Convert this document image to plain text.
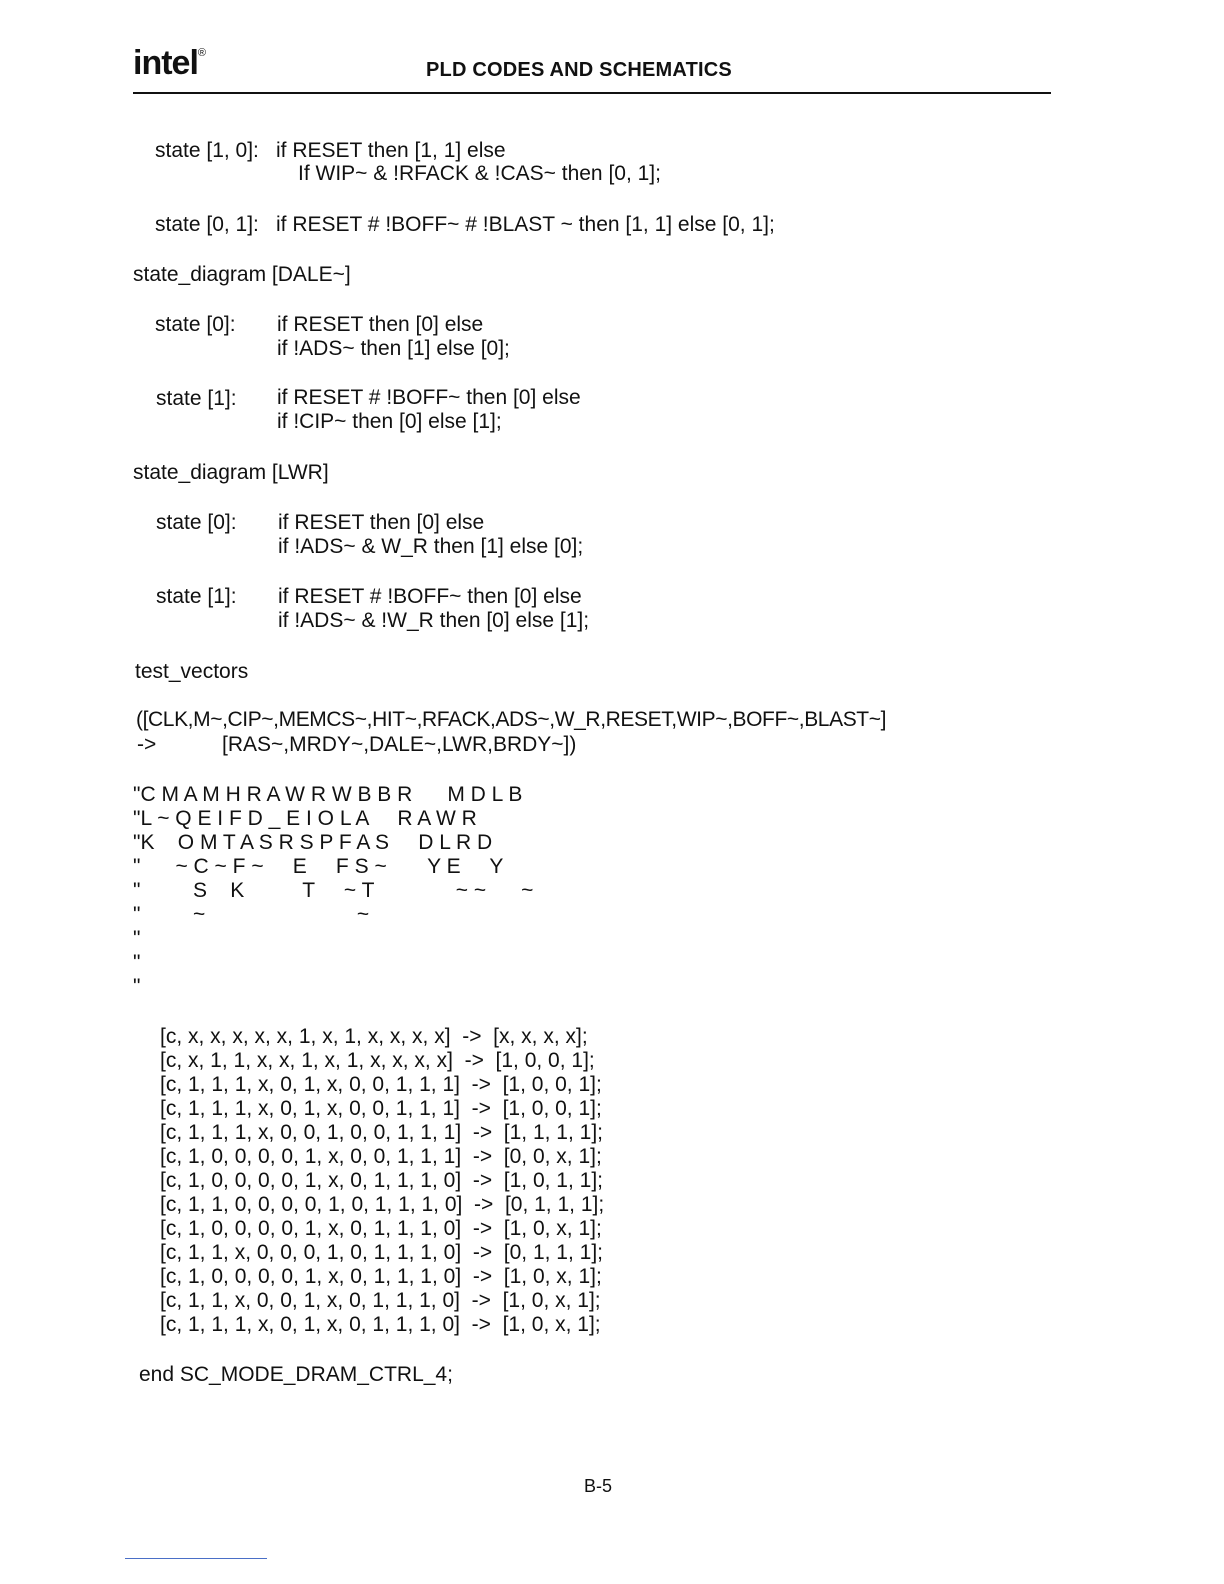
intel®
PLD CODES AND SCHEMATICS
state [1, 0]: if RESET then [1, 1] else
If WIP~ & !RFACK & !CAS~ then [0, 1];
state [0, 1]: if RESET # !BOFF~ # !BLAST ~ then [1, 1] else [0, 1];
state_diagram [DALE~]
state [0]: if RESET then [0] else
if !ADS~ then [1] else [0];
state [1]: if RESET # !BOFF~ then [0] else
if !CIP~ then [0] else [1];
state_diagram [LWR]
state [0]: if RESET then [0] else
if !ADS~ & W_R then [1] else [0];
state [1]: if RESET # !BOFF~ then [0] else
if !ADS~ & !W_R then [0] else [1];
test_vectors
([CLK,M~,CIP~,MEMCS~,HIT~,RFACK,ADS~,W_R,RESET,WIP~,BOFF~,BLAST~]
->	[RAS~,MRDY~,DALE~,LWR,BRDY~])
"C M A M H R A W R W B B R      M D L B
"L ~ Q E I F D _ E I O L A     R A W R
"K    O M T A S R S P F A S     D L R D
"      ~ C ~ F ~     E     F S ~       Y E     Y
"         S    K          T     ~ T              ~ ~      ~
"         ~                          ~
"
"
"
[c, x, x, x, x, x, 1, x, 1, x, x, x, x]  ->  [x, x, x, x];
[c, x, 1, 1, x, x, 1, x, 1, x, x, x, x]  ->  [1, 0, 0, 1];
[c, 1, 1, 1, x, 0, 1, x, 0, 0, 1, 1, 1]  ->  [1, 0, 0, 1];
[c, 1, 1, 1, x, 0, 1, x, 0, 0, 1, 1, 1]  ->  [1, 0, 0, 1];
[c, 1, 1, 1, x, 0, 0, 1, 0, 0, 1, 1, 1]  ->  [1, 1, 1, 1];
[c, 1, 0, 0, 0, 0, 1, x, 0, 0, 1, 1, 1]  ->  [0, 0, x, 1];
[c, 1, 0, 0, 0, 0, 1, x, 0, 1, 1, 1, 0]  ->  [1, 0, 1, 1];
[c, 1, 1, 0, 0, 0, 0, 1, 0, 1, 1, 1, 0]  ->  [0, 1, 1, 1];
[c, 1, 0, 0, 0, 0, 1, x, 0, 1, 1, 1, 0]  ->  [1, 0, x, 1];
[c, 1, 1, x, 0, 0, 0, 1, 0, 1, 1, 1, 0]  ->  [0, 1, 1, 1];
[c, 1, 0, 0, 0, 0, 1, x, 0, 1, 1, 1, 0]  ->  [1, 0, x, 1];
[c, 1, 1, x, 0, 0, 1, x, 0, 1, 1, 1, 0]  ->  [1, 0, x, 1];
[c, 1, 1, 1, x, 0, 1, x, 0, 1, 1, 1, 0]  ->  [1, 0, x, 1];
end SC_MODE_DRAM_CTRL_4;
B-5
